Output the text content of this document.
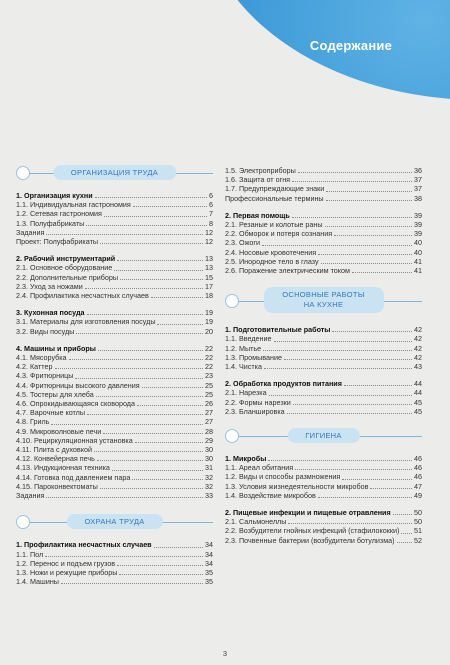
Содержание
ОРГАНИЗАЦИЯ ТРУДА
1. Организация кухни	6
1.1. Индивидуальная гастрономия	6
1.2. Сетевая гастрономия	7
1.3. Полуфабрикаты	8
Задания	12
Проект: Полуфабрикаты	12
2. Рабочий инструментарий	13
2.1. Основное оборудование	13
2.2. Дополнительные приборы	15
2.3. Уход за ножами	17
2.4. Профилактика несчастных случаев	18
3. Кухонная посуда	19
3.1. Материалы для изготовления посуды	19
3.2. Виды посуды	20
4. Машины и приборы	22
4.1. Мясорубка	22
4.2. Каттер	22
4.3. Фритюрницы	23
4.4. Фритюрницы высокого давления	25
4.5. Тостеры для хлеба	25
4.6. Опрокидывающаяся сковорода	26
4.7. Варочные котлы	27
4.8. Гриль	27
4.9. Микроволновые печи	28
4.10. Рециркуляционная установка	29
4.11. Плита с духовкой	30
4.12. Конвейерная печь	30
4.13. Индукционная техника	31
4.14. Готовка под давлением пара	32
4.15. Пароконвектоматы	32
Задания	33
ОХРАНА ТРУДА
1. Профилактика несчастных случаев	34
1.1. Пол	34
1.2. Перенос и подъем грузов	34
1.3. Ножи и режущие приборы	35
1.4. Машины	35
1.5. Электроприборы	36
1.6. Защита от огня	37
1.7. Предупреждающие знаки	37
Профессиональные термины	38
2. Первая помощь	39
2.1. Резаные и колотые раны	39
2.2. Обморок и потеря сознания	39
2.3. Ожоги	40
2.4. Носовые кровотечения	40
2.5. Инородное тело в глазу	41
2.6. Поражение электрическим током	41
ОСНОВНЫЕ РАБОТЫ НА КУХНЕ
1. Подготовительные работы	42
1.1. Введение	42
1.2. Мытье	42
1.3. Промывание	42
1.4. Чистка	43
2. Обработка продуктов питания	44
2.1. Нарезка	44
2.2. Формы нарезки	45
2.3. Бланшировка	45
ГИГИЕНА
1. Микробы	46
1.1. Ареал обитания	46
1.2. Виды и способы размножения	46
1.3. Условия жизнедеятельности микробов	47
1.4. Воздействие микробов	49
2. Пищевые инфекции и пищевые отравления	50
2.1. Сальмонеллы	50
2.2. Возбудители гнойных инфекций (стафилококки) 51
2.3. Почвенные бактерии (возбудители ботулизма)	52
3
